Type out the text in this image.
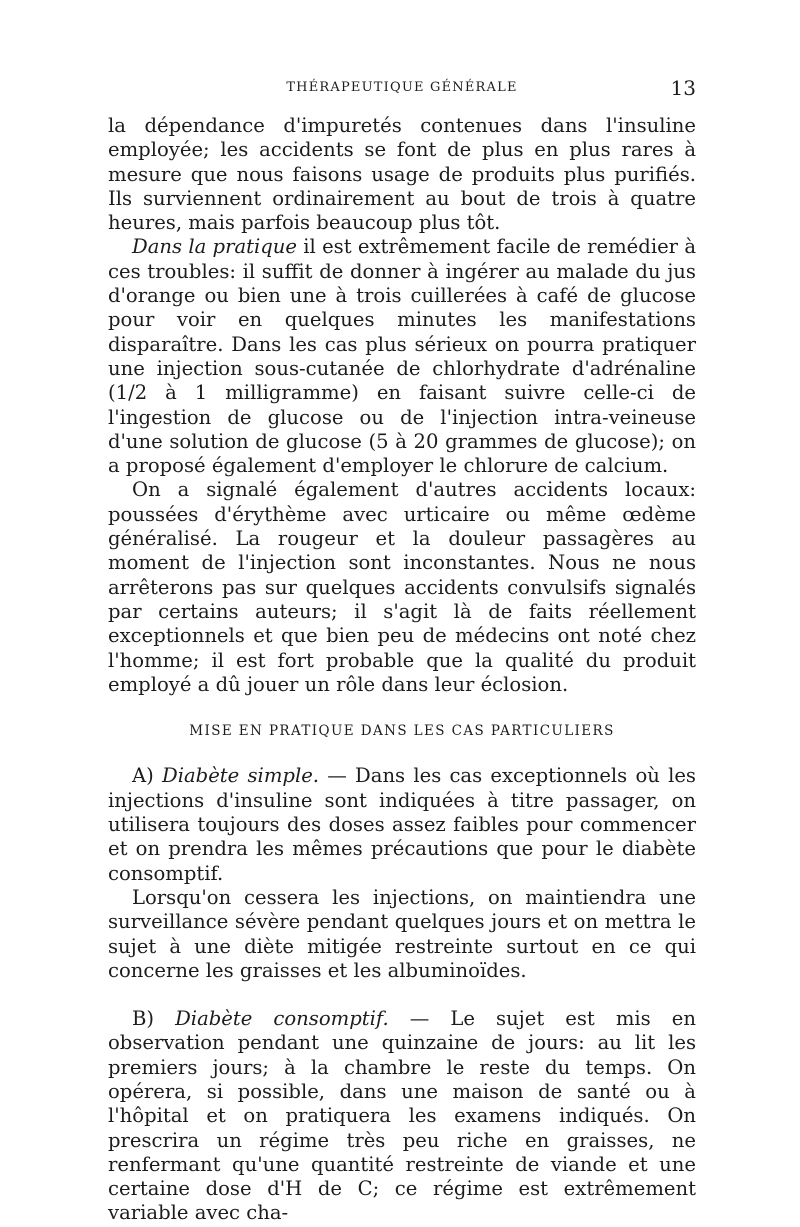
THÉRAPEUTIQUE GÉNÉRALE	13

la dépendance d'impuretés contenues dans l'insuline employée; les accidents se font de plus en plus rares à mesure que nous faisons usage de produits plus purifiés. Ils surviennent ordinairement au bout de trois à quatre heures, mais parfois beaucoup plus tôt.

Dans la pratique il est extrêmement facile de remédier à ces troubles: il suffit de donner à ingérer au malade du jus d'orange ou bien une à trois cuillerées à café de glucose pour voir en quelques minutes les manifestations disparaître. Dans les cas plus sérieux on pourra pratiquer une injection sous-cutanée de chlorhydrate d'adrénaline (1/2 à 1 milligramme) en faisant suivre celle-ci de l'ingestion de glucose ou de l'injection intra-veineuse d'une solution de glucose (5 à 20 grammes de glucose); on a proposé également d'employer le chlorure de calcium.

On a signalé également d'autres accidents locaux: poussées d'érythème avec urticaire ou même œdème généralisé. La rougeur et la douleur passagères au moment de l'injection sont inconstantes. Nous ne nous arrêterons pas sur quelques accidents convulsifs signalés par certains auteurs; il s'agit là de faits réellement exceptionnels et que bien peu de médecins ont noté chez l'homme; il est fort probable que la qualité du produit employé a dû jouer un rôle dans leur éclosion.

MISE EN PRATIQUE DANS LES CAS PARTICULIERS

A) Diabète simple. — Dans les cas exceptionnels où les injections d'insuline sont indiquées à titre passager, on utilisera toujours des doses assez faibles pour commencer et on prendra les mêmes précautions que pour le diabète consomptif.

Lorsqu'on cessera les injections, on maintiendra une surveillance sévère pendant quelques jours et on mettra le sujet à une diète mitigée restreinte surtout en ce qui concerne les graisses et les albuminoïdes.

B) Diabète consomptif. — Le sujet est mis en observation pendant une quinzaine de jours: au lit les premiers jours; à la chambre le reste du temps. On opérera, si possible, dans une maison de santé ou à l'hôpital et on pratiquera les examens indiqués. On prescrira un régime très peu riche en graisses, ne renfermant qu'une quantité restreinte de viande et une certaine dose d'H de C; ce régime est extrêmement variable avec cha-
